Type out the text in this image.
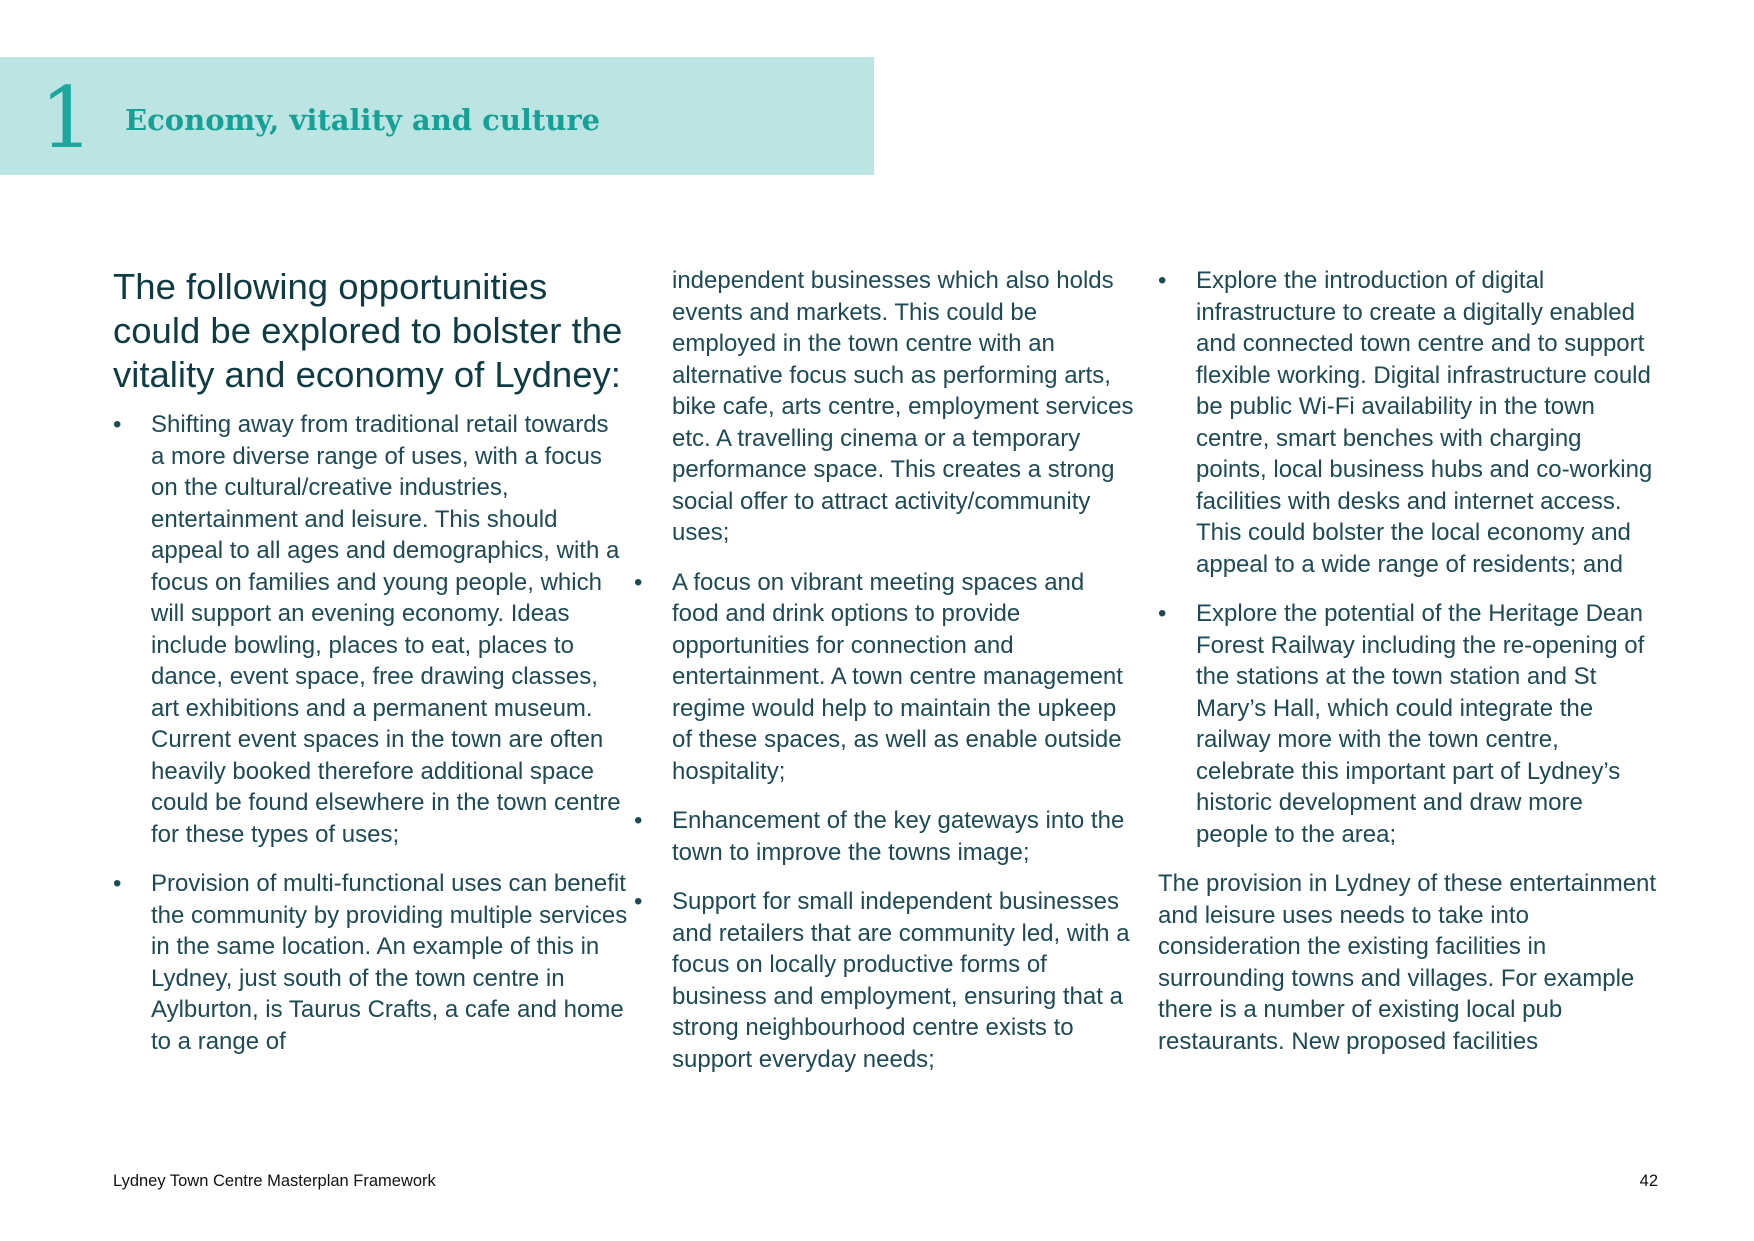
1 Economy, vitality and culture
The following opportunities could be explored to bolster the vitality and economy of Lydney:
• Shifting away from traditional retail towards a more diverse range of uses, with a focus on the cultural/creative industries, entertainment and leisure. This should appeal to all ages and demographics, with a focus on families and young people, which will support an evening economy. Ideas include bowling, places to eat, places to dance, event space, free drawing classes, art exhibitions and a permanent museum. Current event spaces in the town are often heavily booked therefore additional space could be found elsewhere in the town centre for these types of uses;
• Provision of multi-functional uses can benefit the community by providing multiple services in the same location. An example of this in Lydney, just south of the town centre in Aylburton, is Taurus Crafts, a cafe and home to a range of

independent businesses which also holds events and markets. This could be employed in the town centre with an alternative focus such as performing arts, bike cafe, arts centre, employment services etc. A travelling cinema or a temporary performance space. This creates a strong social offer to attract activity/community uses;

• A focus on vibrant meeting spaces and food and drink options to provide opportunities for connection and entertainment. A town centre management regime would help to maintain the upkeep of these spaces, as well as enable outside hospitality;
• Enhancement of the key gateways into the town to improve the towns image;
• Support for small independent businesses and retailers that are community led, with a focus on locally productive forms of business and employment, ensuring that a strong neighbourhood centre exists to support everyday needs;
• Explore the introduction of digital infrastructure to create a digitally enabled and connected town centre and to support flexible working. Digital infrastructure could be public Wi-Fi availability in the town centre, smart benches with charging points, local business hubs and co-working facilities with desks and internet access. This could bolster the local economy and appeal to a wide range of residents; and
• Explore the potential of the Heritage Dean Forest Railway including the re-opening of the stations at the town station and St Mary’s Hall, which could integrate the railway more with the town centre, celebrate this important part of Lydney’s historic development and draw more people to the area;

The provision in Lydney of these entertainment and leisure uses needs to take into consideration the existing facilities in surrounding towns and villages. For example there is a number of existing local pub restaurants. New proposed facilities

Lydney Town Centre Masterplan Framework	42
